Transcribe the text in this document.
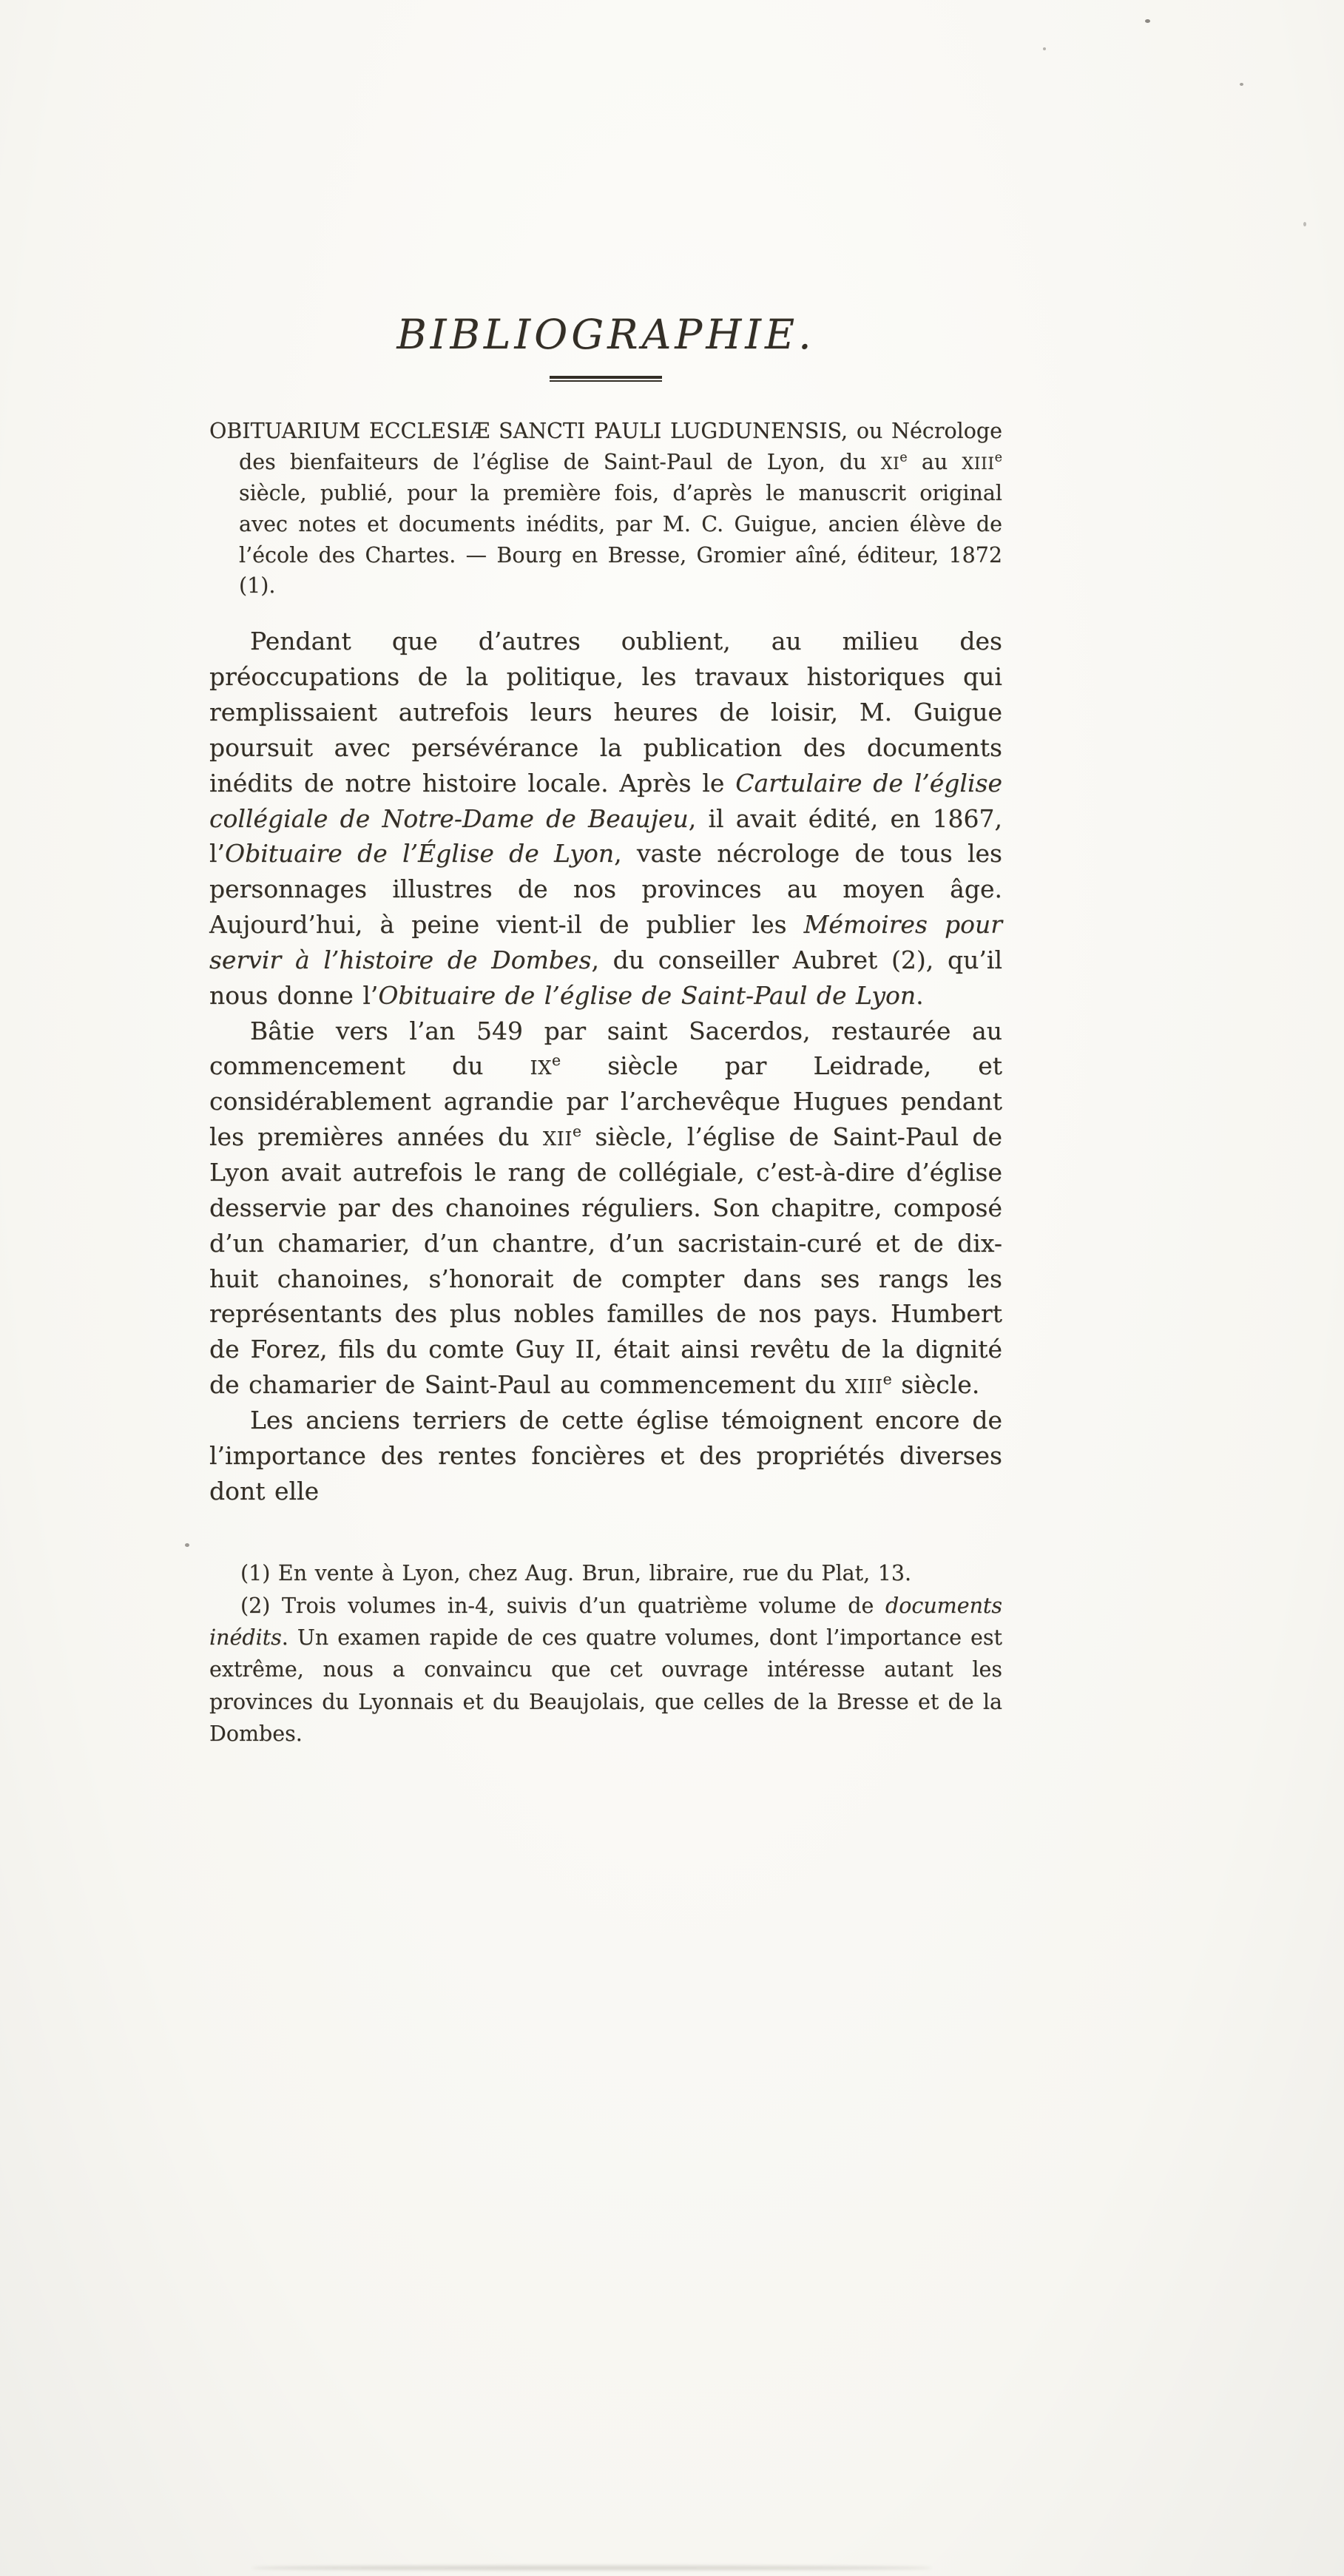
BIBLIOGRAPHIE.

OBITUARIUM ECCLESIÆ SANCTI PAULI LUGDUNENSIS, ou Nécrologe des bienfaiteurs de l’église de Saint-Paul de Lyon, du XIe au XIIIe siècle, publié, pour la première fois, d’après le manuscrit original avec notes et documents inédits, par M. C. Guigue, ancien élève de l’école des Chartes. — Bourg en Bresse, Gromier aîné, éditeur, 1872 (1).

Pendant que d’autres oublient, au milieu des préoccupations de la politique, les travaux historiques qui remplissaient autrefois leurs heures de loisir, M. Guigue poursuit avec persévérance la publication des documents inédits de notre histoire locale. Après le Cartulaire de l’église collégiale de Notre-Dame de Beaujeu, il avait édité, en 1867, l’Obituaire de l’Église de Lyon, vaste nécrologe de tous les personnages illustres de nos provinces au moyen âge. Aujourd’hui, à peine vient-il de publier les Mémoires pour servir à l’histoire de Dombes, du conseiller Aubret (2), qu’il nous donne l’Obituaire de l’église de Saint-Paul de Lyon.

Bâtie vers l’an 549 par saint Sacerdos, restaurée au commencement du IXe siècle par Leidrade, et considérablement agrandie par l’archevêque Hugues pendant les premières années du XIIe siècle, l’église de Saint-Paul de Lyon avait autrefois le rang de collégiale, c’est-à-dire d’église desservie par des chanoines réguliers. Son chapitre, composé d’un chamarier, d’un chantre, d’un sacristain-curé et de dix-huit chanoines, s’honorait de compter dans ses rangs les représentants des plus nobles familles de nos pays. Humbert de Forez, fils du comte Guy II, était ainsi revêtu de la dignité de chamarier de Saint-Paul au commencement du XIIIe siècle.

Les anciens terriers de cette église témoignent encore de l’importance des rentes foncières et des propriétés diverses dont elle

(1) En vente à Lyon, chez Aug. Brun, libraire, rue du Plat, 13.

(2) Trois volumes in-4, suivis d’un quatrième volume de documents inédits. Un examen rapide de ces quatre volumes, dont l’importance est extrême, nous a convaincu que cet ouvrage intéresse autant les provinces du Lyonnais et du Beaujolais, que celles de la Bresse et de la Dombes.
